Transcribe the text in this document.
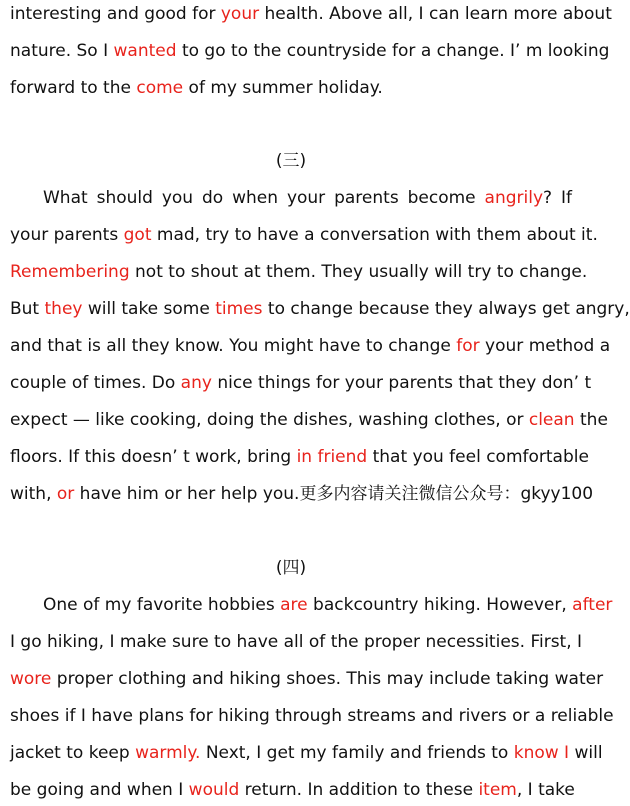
interesting and good for your health. Above all, I can learn more about
nature. So I wanted to go to the countryside for a change. I’ m looking
forward to the come of my summer holiday.
(三)
What should you do when your parents become angrily? If
your parents got mad, try to have a conversation with them about it.
Remembering not to shout at them. They usually will try to change.
But they will take some times to change because they always get angry,
and that is all they know. You might have to change for your method a
couple of times. Do any nice things for your parents that they don’ t
expect — like cooking, doing the dishes, washing clothes, or clean the
floors. If this doesn’ t work, bring in friend that you feel comfortable
with, or have him or her help you.更多内容请关注微信公众号：gkyy100
(四)
One of my favorite hobbies are backcountry hiking. However, after
I go hiking, I make sure to have all of the proper necessities. First, I
wore proper clothing and hiking shoes. This may include taking water
shoes if I have plans for hiking through streams and rivers or a reliable
jacket to keep warmly. Next, I get my family and friends to know I will
be going and when I would return. In addition to these item, I take
